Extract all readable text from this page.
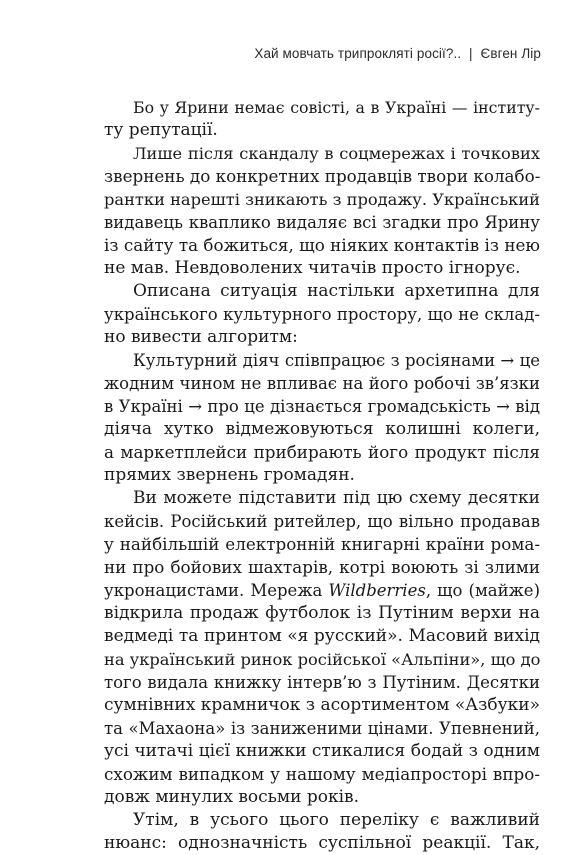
Хай мовчать трипрокляті росії?.. | Євген Лір
Бо у Ярини немає совісті, а в Україні — інститу-
ту репутації.
Лише після скандалу в соцмережах і точкових
звернень до конкретних продавців твори колабо-
рантки нарешті зникають з продажу. Український
видавець кваплико видаляє всі згадки про Ярину
із сайту та божиться, що ніяких контактів із нею
не мав. Невдоволених читачів просто ігнорує.
Описана ситуація настільки архетипна для
українського культурного простору, що не склад-
но вивести алгоритм:
Культурний діяч співпрацює з росіянами → це
жодним чином не впливає на його робочі зв’язки
в Україні → про це дізнається громадськість → від
діяча хутко відмежовуються колишні колеги,
а маркетплейси прибирають його продукт після
прямих звернень громадян.
Ви можете підставити під цю схему десятки
кейсів. Російський ритейлер, що вільно продавав
у найбільшій електронній книгарні країни рома-
ни про бойових шахтарів, котрі воюють зі злими
укронацистами. Мережа Wildberries, що (майже)
відкрила продаж футболок із Путіним верхи на
ведмеді та принтом «я русский». Масовий вихід
на український ринок російської «Альпіни», що до
того видала книжку інтерв’ю з Путіним. Десятки
сумнівних крамничок з асортиментом «Азбуки»
та «Махаона» із заниженими цінами. Упевнений,
усі читачі цієї книжки стикалися бодай з одним
схожим випадком у нашому медіапросторі впро-
довж минулих восьми років.
Утім, в усього цього переліку є важливий
нюанс: однозначність суспільної реакції. Так,
